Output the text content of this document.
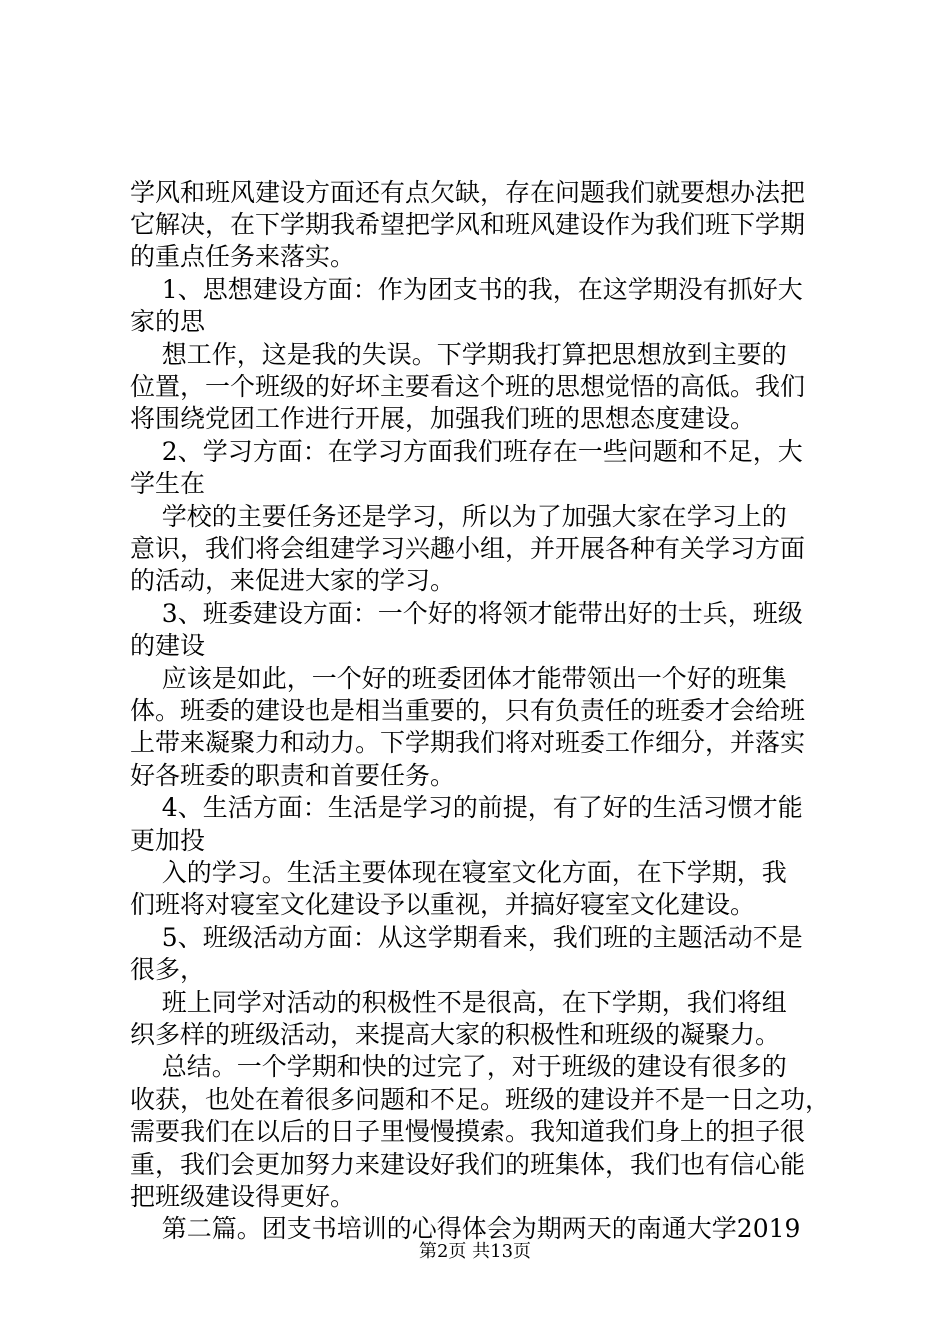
学风和班风建设方面还有点欠缺，存在问题我们就要想办法把
它解决，在下学期我希望把学风和班风建设作为我们班下学期
的重点任务来落实。
1、思想建设方面：作为团支书的我，在这学期没有抓好大
家的思
想工作，这是我的失误。下学期我打算把思想放到主要的
位置，一个班级的好坏主要看这个班的思想觉悟的高低。我们
将围绕党团工作进行开展，加强我们班的思想态度建设。
2、学习方面：在学习方面我们班存在一些问题和不足，大
学生在
学校的主要任务还是学习，所以为了加强大家在学习上的
意识，我们将会组建学习兴趣小组，并开展各种有关学习方面
的活动，来促进大家的学习。
3、班委建设方面：一个好的将领才能带出好的士兵，班级
的建设
应该是如此，一个好的班委团体才能带领出一个好的班集
体。班委的建设也是相当重要的，只有负责任的班委才会给班
上带来凝聚力和动力。下学期我们将对班委工作细分，并落实
好各班委的职责和首要任务。
4、生活方面：生活是学习的前提，有了好的生活习惯才能
更加投
入的学习。生活主要体现在寝室文化方面，在下学期，我
们班将对寝室文化建设予以重视，并搞好寝室文化建设。
5、班级活动方面：从这学期看来，我们班的主题活动不是
很多，
班上同学对活动的积极性不是很高，在下学期，我们将组
织多样的班级活动，来提高大家的积极性和班级的凝聚力。
总结。一个学期和快的过完了，对于班级的建设有很多的
收获，也处在着很多问题和不足。班级的建设并不是一日之功，
需要我们在以后的日子里慢慢摸索。我知道我们身上的担子很
重，我们会更加努力来建设好我们的班集体，我们也有信心能
把班级建设得更好。
第二篇。团支书培训的心得体会为期两天的南通大学2019
第2页 共13页
